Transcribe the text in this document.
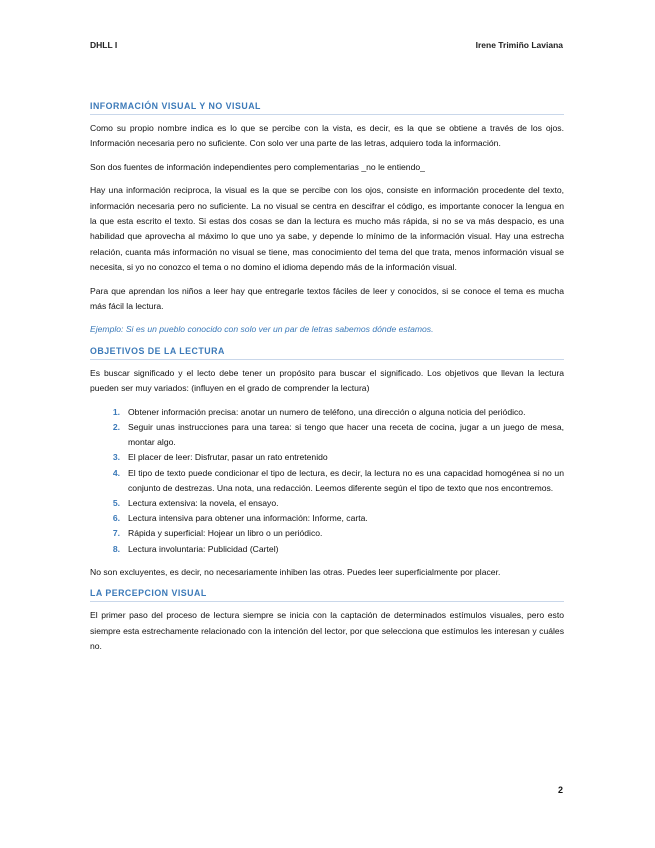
DHLL I	Irene Trimiño Laviana
INFORMACIÓN VISUAL Y NO VISUAL

Como su propio nombre indica es lo que se percibe con la vista, es decir, es la que se obtiene a través de los ojos. Información necesaria pero no suficiente. Con solo ver una parte de las letras, adquiero toda la información.

Son dos fuentes de información independientes pero complementarias _no le entiendo_

Hay una información reciproca, la visual es la que se percibe con los ojos, consiste en información procedente del texto, información necesaria pero no suficiente. La no visual se centra en descifrar el código, es importante conocer la lengua en la que esta escrito el texto. Si estas dos cosas se dan la lectura es mucho más rápida, si no se va más despacio, es una habilidad que aprovecha al máximo lo que uno ya sabe, y depende lo mínimo de la información visual. Hay una estrecha relación, cuanta más información no visual se tiene, mas conocimiento del tema del que trata, menos información visual se necesita, si yo no conozco el tema o no domino el idioma dependo más de la información visual.

Para que aprendan los niños a leer hay que entregarle textos fáciles de leer y conocidos, si se conoce el tema es mucha más fácil la lectura.

Ejemplo: Si es un pueblo conocido con solo ver un par de letras sabemos dónde estamos.

OBJETIVOS DE LA LECTURA

Es buscar significado y el lecto debe tener un propósito para buscar el significado. Los objetivos que llevan la lectura pueden ser muy variados: (influyen en el grado de comprender la lectura)

1. Obtener información precisa: anotar un numero de teléfono, una dirección o alguna noticia del periódico.
2. Seguir unas instrucciones para una tarea: si tengo que hacer una receta de cocina, jugar a un juego de mesa, montar algo.
3. El placer de leer: Disfrutar, pasar un rato entretenido
4. El tipo de texto puede condicionar el tipo de lectura, es decir, la lectura no es una capacidad homogénea si no un conjunto de destrezas. Una nota, una redacción. Leemos diferente según el tipo de texto que nos encontremos.
5. Lectura extensiva: la novela, el ensayo.
6. Lectura intensiva para obtener una información: Informe, carta.
7. Rápida y superficial: Hojear un libro o un periódico.
8. Lectura involuntaria: Publicidad (Cartel)

No son excluyentes, es decir, no necesariamente inhiben las otras. Puedes leer superficialmente por placer.

LA PERCEPCION VISUAL

El primer paso del proceso de lectura siempre se inicia con la captación de determinados estímulos visuales, pero esto siempre esta estrechamente relacionado con la intención del lector, por que selecciona que estímulos les interesan y cuáles no.

2
